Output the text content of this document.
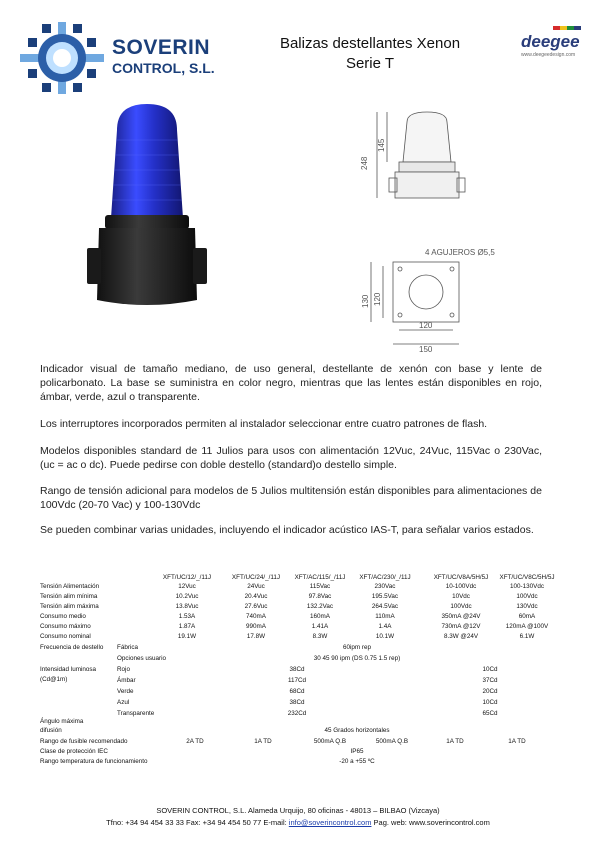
SOVERIN
CONTROL, S.L.
Balizas destellantes Xenon
Serie T
deegee
www.deegeedesign.com
248
145
4 AGUJEROS Ø5,5
130 120
120
150
Indicador visual de tamaño mediano, de uso general, destellante de xenón con base y lente de policarbonato. La base se suministra en color negro, mientras que las lentes están disponibles en rojo, ámbar, verde, azul o transparente.
Los interruptores incorporados permiten al instalador seleccionar entre cuatro patrones de flash.
Modelos disponibles standard de 11 Julios para usos con alimentación 12Vuc, 24Vuc, 115Vac o 230Vac, (uc = ac o dc). Puede pedirse con doble destello (standard)o destello simple.
Rango de tensión adicional para modelos de 5 Julios multitensión están disponibles para alimentaciones de 100Vdc (20-70 Vac) y 100-130Vdc
Se pueden combinar varias unidades, incluyendo el indicador acústico IAS-T, para señalar varios estados.
XFT/UC/12/_/11J	XFT/UC/24/_/11J XFT/AC/115/_/11J XFT/AC/230/_/11J	XFT/UC/V8A/5H/5J XFT/UC/V8C/5H/5J
Tensión Alimentación	12Vuc	24Vuc	115Vac	230Vac	10-100Vdc	100-130Vdc
Tensión alim mínima	10.2Vuc	20.4Vuc	97.8Vac	195.5Vac	10Vdc	100Vdc
Tensión alim máxima	13.8Vuc	27.6Vuc	132.2Vac	264.5Vac	100Vdc	130Vdc
Consumo medio	1.53A	740mA	160mA	110mA	350mA @24V	60mA
Consumo máximo	1.87A	990mA	1.41A	1.4A	730mA @12V	120mA @100V
Consumo nominal	19.1W	17.8W	8.3W	10.1W	8.3W @24V	6.1W
Frecuencia de destello Fábrica	60ipm rep
Opciones usuario	30 45 90 ipm (DS 0.75 1.5 rep)
Intensidad luminosa
(Cd@1m)
Rojo	38Cd	10Cd
Ámbar	117Cd	37Cd
Verde	68Cd	20Cd
Azul	38Cd	10Cd
Transparente	232Cd	65Cd
Ángulo máxima
difusión	45 Grados horizontales
Rango de fusible recomendado	2A TD	1A TD	500mA Q.B	500mA Q.B	1A TD	1A TD
Clase de protección IEC	IP65
Rango temperatura de funcionamiento	-20 a +55 ºC
SOVERIN CONTROL, S.L. Alameda Urquijo, 80 oficinas - 48013 – BILBAO (Vizcaya)
Tfno: +34 94 454 33 33 Fax: +34 94 454 50 77 E-mail: info@soverincontrol.com Pag. web: www.soverincontrol.com
